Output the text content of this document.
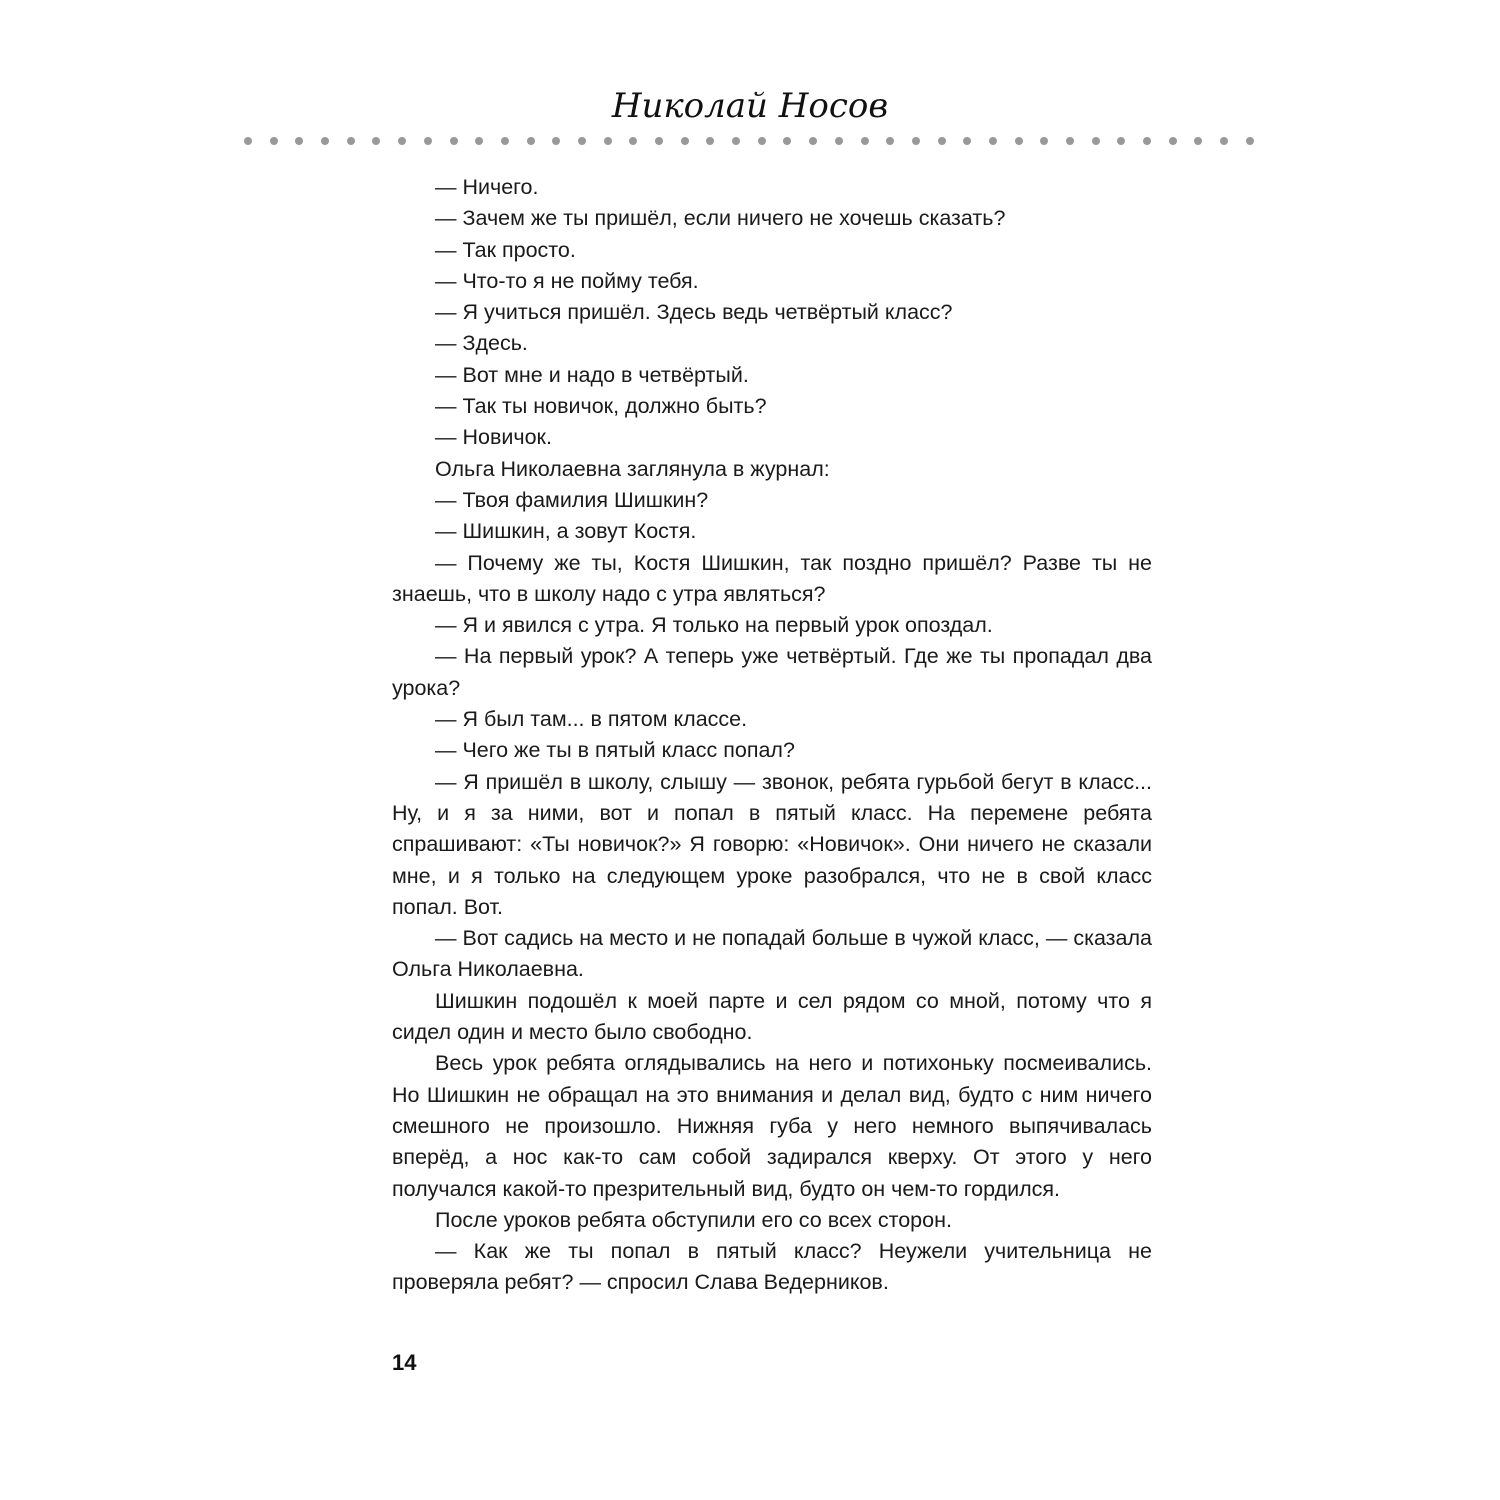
Николай Носов

— Ничего.

— Зачем же ты пришёл, если ничего не хочешь сказать?

— Так просто.

— Что-то я не пойму тебя.

— Я учиться пришёл. Здесь ведь четвёртый класс?

— Здесь.

— Вот мне и надо в четвёртый.

— Так ты новичок, должно быть?

— Новичок.

Ольга Николаевна заглянула в журнал:

— Твоя фамилия Шишкин?

— Шишкин, а зовут Костя.

— Почему же ты, Костя Шишкин, так поздно пришёл? Разве ты не знаешь, что в школу надо с утра являться?

— Я и явился с утра. Я только на первый урок опоздал.

— На первый урок? А теперь уже четвёртый. Где же ты пропадал два урока?

— Я был там... в пятом классе.

— Чего же ты в пятый класс попал?

— Я пришёл в школу, слышу — звонок, ребята гурьбой бегут в класс... Ну, и я за ними, вот и попал в пятый класс. На перемене ребята спрашивают: «Ты новичок?» Я говорю: «Новичок». Они ничего не сказали мне, и я только на следующем уроке разобрался, что не в свой класс попал. Вот.

— Вот садись на место и не попадай больше в чужой класс, — сказала Ольга Николаевна.

Шишкин подошёл к моей парте и сел рядом со мной, потому что я сидел один и место было свободно.

Весь урок ребята оглядывались на него и потихоньку посмеивались. Но Шишкин не обращал на это внимания и делал вид, будто с ним ничего смешного не произошло. Нижняя губа у него немного выпячивалась вперёд, а нос как-то сам собой задирался кверху. От этого у него получался какой-то презрительный вид, будто он чем-то гордился.

После уроков ребята обступили его со всех сторон.

— Как же ты попал в пятый класс? Неужели учительница не проверяла ребят? — спросил Слава Ведерников.

14
